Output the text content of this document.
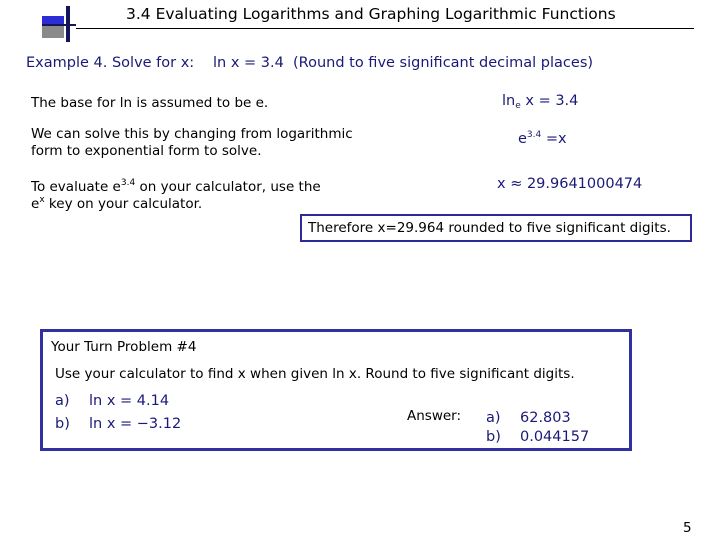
3.4 Evaluating Logarithms and Graphing Logarithmic Functions
Example 4. Solve for x: ln x = 3.4 (Round to five significant decimal places)
The base for ln is assumed to be e.
We can solve this by changing from logarithmic
form to exponential form to solve.
To evaluate $e^{3.4}$ on your calculator, use the
$e^x$ key on your calculator.
$\ln_e x = 3.4$
$e^{3.4} =x$
x ≈ 29.9641000474
Therefore x=29.964 rounded to five significant digits.
Your Turn Problem #4
Use your calculator to find x when given ln x. Round to five significant digits.
a) ln x = 4.14
b) ln x = −3.12	Answer: a) 62.803
b) 0.044157
5
